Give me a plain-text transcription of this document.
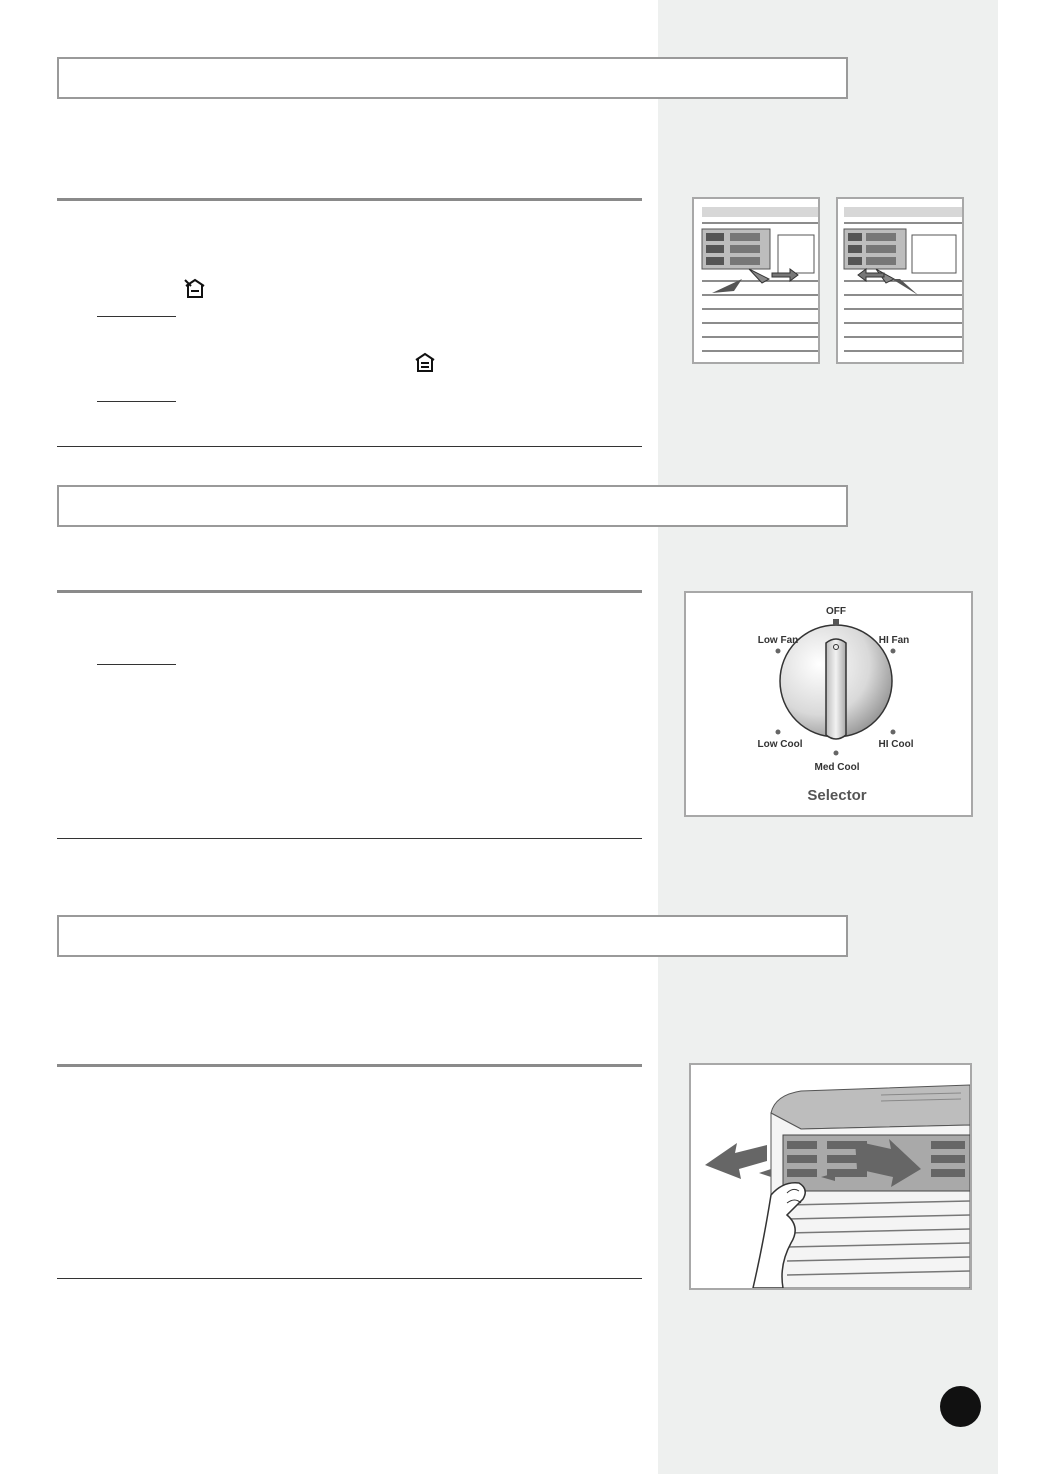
OFF
Low Fan	HI Fan
Low Cool	HI Cool
Med Cool
Selector
